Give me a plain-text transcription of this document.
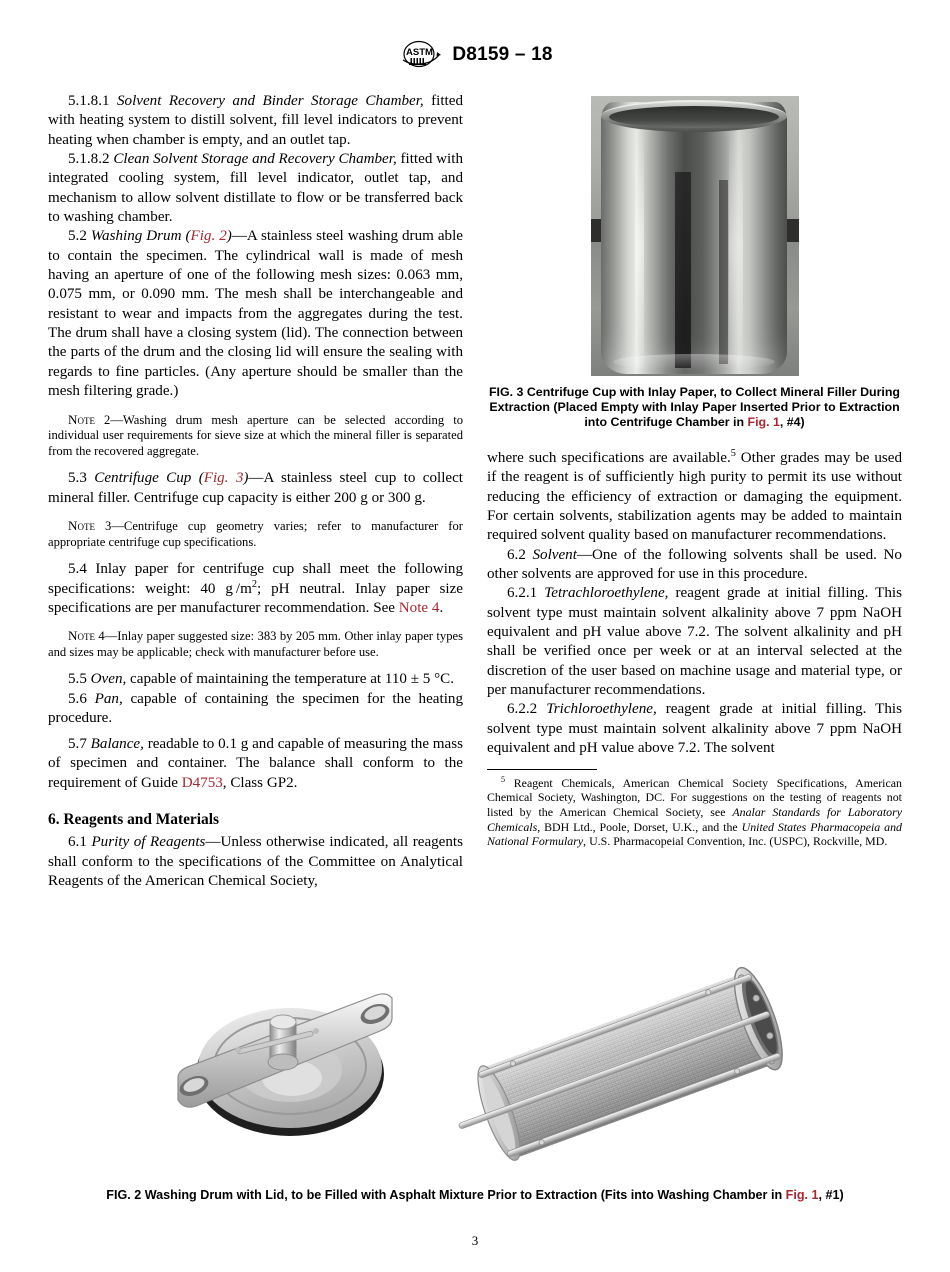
ASTM D8159 – 18

5.1.8.1 Solvent Recovery and Binder Storage Chamber, fitted with heating system to distill solvent, fill level indicators to prevent heating when chamber is empty, and an outlet tap.

5.1.8.2 Clean Solvent Storage and Recovery Chamber, fitted with integrated cooling system, fill level indicator, outlet tap, and mechanism to allow solvent distillate to flow or be transferred back to washing chamber.

5.2 Washing Drum (Fig. 2)—A stainless steel washing drum able to contain the specimen. The cylindrical wall is made of mesh having an aperture of one of the following mesh sizes: 0.063 mm, 0.075 mm, or 0.090 mm. The mesh shall be interchangeable and resistant to wear and impacts from the aggregates during the test. The drum shall have a closing system (lid). The connection between the parts of the drum and the closing lid will ensure the sealing with regards to fine particles. (Any aperture should be smaller than the mesh filtering grade.)

Note 2—Washing drum mesh aperture can be selected according to individual user requirements for sieve size at which the mineral filler is separated from the recovered aggregate.

5.3 Centrifuge Cup (Fig. 3)—A stainless steel cup to collect mineral filler. Centrifuge cup capacity is either 200 g or 300 g.

Note 3—Centrifuge cup geometry varies; refer to manufacturer for appropriate centrifuge cup specifications.

5.4 Inlay paper for centrifuge cup shall meet the following specifications: weight: 40 g $/m^2$; pH neutral. Inlay paper size specifications are per manufacturer recommendation. See Note 4.

Note 4—Inlay paper suggested size: 383 by 205 mm. Other inlay paper types and sizes may be applicable; check with manufacturer before use.

5.5 Oven, capable of maintaining the temperature at 110 ± 5 °C.

5.6 Pan, capable of containing the specimen for the heating procedure.

5.7 Balance, readable to 0.1 g and capable of measuring the mass of specimen and container. The balance shall conform to the requirement of Guide D4753, Class GP2.

6. Reagents and Materials

6.1 Purity of Reagents—Unless otherwise indicated, all reagents shall conform to the specifications of the Committee on Analytical Reagents of the American Chemical Society,

FIG. 3 Centrifuge Cup with Inlay Paper, to Collect Mineral Filler During Extraction (Placed Empty with Inlay Paper Inserted Prior to Extraction into Centrifuge Chamber in Fig. 1, #4)

where such specifications are available.$^5$ Other grades may be used if the reagent is of sufficiently high purity to permit its use without reducing the efficiency of extraction or damaging the equipment. For certain solvents, stabilization agents may be added to maintain required solvent quality based on manufacturer recommendations.

6.2 Solvent—One of the following solvents shall be used. No other solvents are approved for use in this procedure.

6.2.1 Tetrachloroethylene, reagent grade at initial filling. This solvent type must maintain solvent alkalinity above 7 ppm NaOH equivalent and pH value above 7.2. The solvent alkalinity and pH shall be verified once per week or at an interval selected at the discretion of the user based on machine usage and material type, or per manufacturer recommendations.

6.2.2 Trichloroethylene, reagent grade at initial filling. This solvent type must maintain solvent alkalinity above 7 ppm NaOH equivalent and pH value above 7.2. The solvent

$^5$ Reagent Chemicals, American Chemical Society Specifications, American Chemical Society, Washington, DC. For suggestions on the testing of reagents not listed by the American Chemical Society, see Analar Standards for Laboratory Chemicals, BDH Ltd., Poole, Dorset, U.K., and the United States Pharmacopeia and National Formulary, U.S. Pharmacopeial Convention, Inc. (USPC), Rockville, MD.

FIG. 2 Washing Drum with Lid, to be Filled with Asphalt Mixture Prior to Extraction (Fits into Washing Chamber in Fig. 1, #1)
3
